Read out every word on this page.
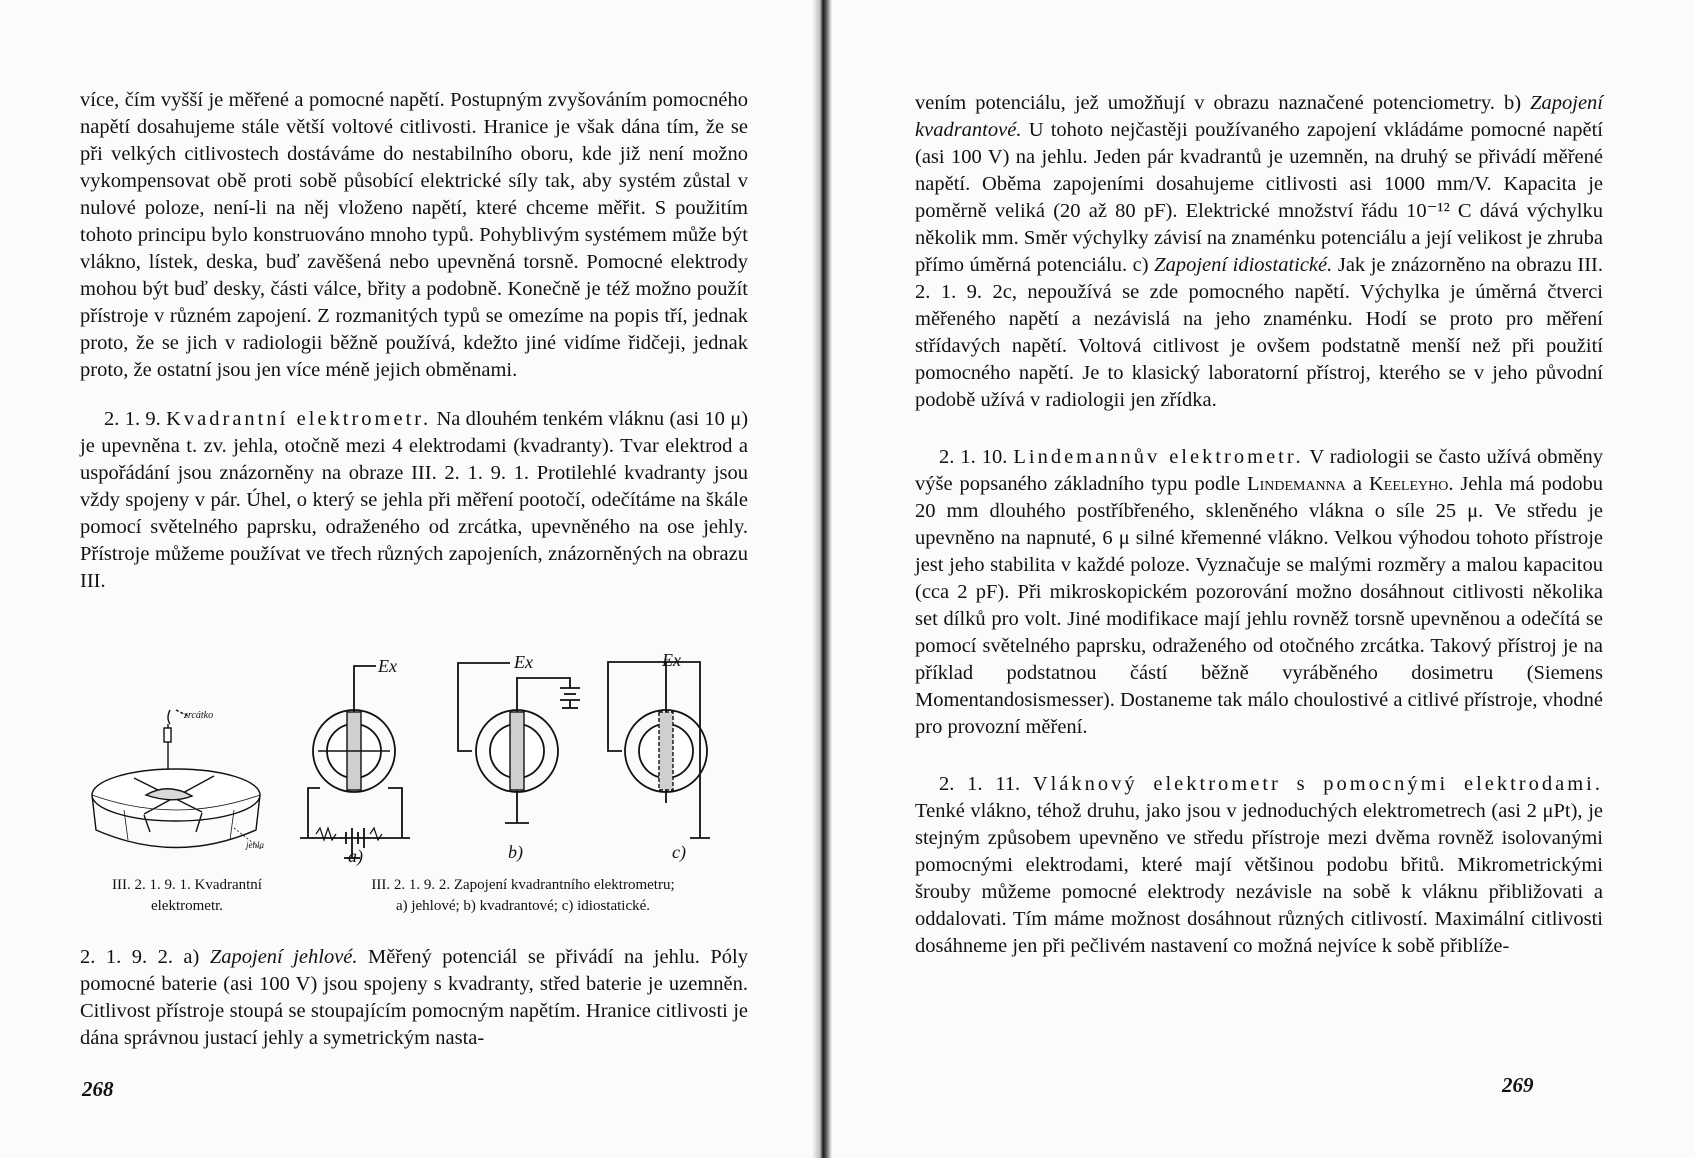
více, čím vyšší je měřené a pomocné napětí. Postupným zvyšováním pomocného napětí dosahujeme stále větší voltové citlivosti. Hranice je však dána tím, že se při velkých citlivostech dostáváme do nestabilního oboru, kde již není možno vykompensovat obě proti sobě působící elektrické síly tak, aby systém zůstal v nulové poloze, není-li na něj vloženo napětí, které chceme měřit. S použitím tohoto principu bylo konstruováno mnoho typů. Pohyblivým systémem může být vlákno, lístek, deska, buď zavěšená nebo upevněná torsně. Pomocné elektrody mohou být buď desky, části válce, břity a podobně. Konečně je též možno použít přístroje v různém zapojení. Z rozmanitých typů se omezíme na popis tří, jednak proto, že se jich v radiologii běžně používá, kdežto jiné vidíme řidčeji, jednak proto, že ostatní jsou jen více méně jejich obměnami.

2. 1. 9. Kvadrantní elektrometr. Na dlouhém tenkém vláknu (asi 10 μ) je upevněna t. zv. jehla, otočně mezi 4 elektrodami (kvadranty). Tvar elektrod a uspořádání jsou znázorněny na obraze III. 2. 1. 9. 1. Protilehlé kvadranty jsou vždy spojeny v pár. Úhel, o který se jehla při měření pootočí, odečítáme na škále pomocí světelného paprsku, odraženého od zrcátka, upevněného na ose jehly. Přístroje můžeme používat ve třech různých zapojeních, znázorněných na obrazu III.

zrcátko
jehla
Ex	Ex	Ex
a)	b)	c)
III. 2. 1. 9. 1. Kvadrantní
elektrometr.
III. 2. 1. 9. 2. Zapojení kvadrantního elektrometru;
a) jehlové; b) kvadrantové; c) idiostatické.

2. 1. 9. 2. a) Zapojení jehlové. Měřený potenciál se přivádí na jehlu. Póly pomocné baterie (asi 100 V) jsou spojeny s kvadranty, střed baterie je uzemněn. Citlivost přístroje stoupá se stoupajícím pomocným napětím. Hranice citlivosti je dána správnou justací jehly a symetrickým nasta-

268

vením potenciálu, jež umožňují v obrazu naznačené potenciometry. b) Zapojení kvadrantové. U tohoto nejčastěji používaného zapojení vkládáme pomocné napětí (asi 100 V) na jehlu. Jeden pár kvadrantů je uzemněn, na druhý se přivádí měřené napětí. Oběma zapojeními dosahujeme citlivosti asi 1000 mm/V. Kapacita je poměrně veliká (20 až 80 pF). Elektrické množství řádu 10⁻¹² C dává výchylku několik mm. Směr výchylky závisí na znaménku potenciálu a její velikost je zhruba přímo úměrná potenciálu. c) Zapojení idiostatické. Jak je znázorněno na obrazu III. 2. 1. 9. 2c, nepoužívá se zde pomocného napětí. Výchylka je úměrná čtverci měřeného napětí a nezávislá na jeho znaménku. Hodí se proto pro měření střídavých napětí. Voltová citlivost je ovšem podstatně menší než při použití pomocného napětí. Je to klasický laboratorní přístroj, kterého se v jeho původní podobě užívá v radiologii jen zřídka.

2. 1. 10. Lindemannův elektrometr. V radiologii se často užívá obměny výše popsaného základního typu podle Lindemanna a Keeleyho. Jehla má podobu 20 mm dlouhého postříbřeného, skleněného vlákna o síle 25 μ. Ve středu je upevněno na napnuté, 6 μ silné křemenné vlákno. Velkou výhodou tohoto přístroje jest jeho stabilita v každé poloze. Vyznačuje se malými rozměry a malou kapacitou (cca 2 pF). Při mikroskopickém pozorování možno dosáhnout citlivosti několika set dílků pro volt. Jiné modifikace mají jehlu rovněž torsně upevněnou a odečítá se pomocí světelného paprsku, odraženého od otočného zrcátka. Takový přístroj je na příklad podstatnou částí běžně vyráběného dosimetru (Siemens Momentandosismesser). Dostaneme tak málo choulostivé a citlivé přístroje, vhodné pro provozní měření.

2. 1. 11. Vláknový elektrometr s pomocnými elektrodami. Tenké vlákno, téhož druhu, jako jsou v jednoduchých elektrometrech (asi 2 μPt), je stejným způsobem upevněno ve středu přístroje mezi dvěma rovněž isolovanými pomocnými elektrodami, které mají většinou podobu břitů. Mikrometrickými šrouby můžeme pomocné elektrody nezávisle na sobě k vláknu přibližovati a oddalovati. Tím máme možnost dosáhnout různých citlivostí. Maximální citlivosti dosáhneme jen při pečlivém nastavení co možná nejvíce k sobě přiblíže-

269
